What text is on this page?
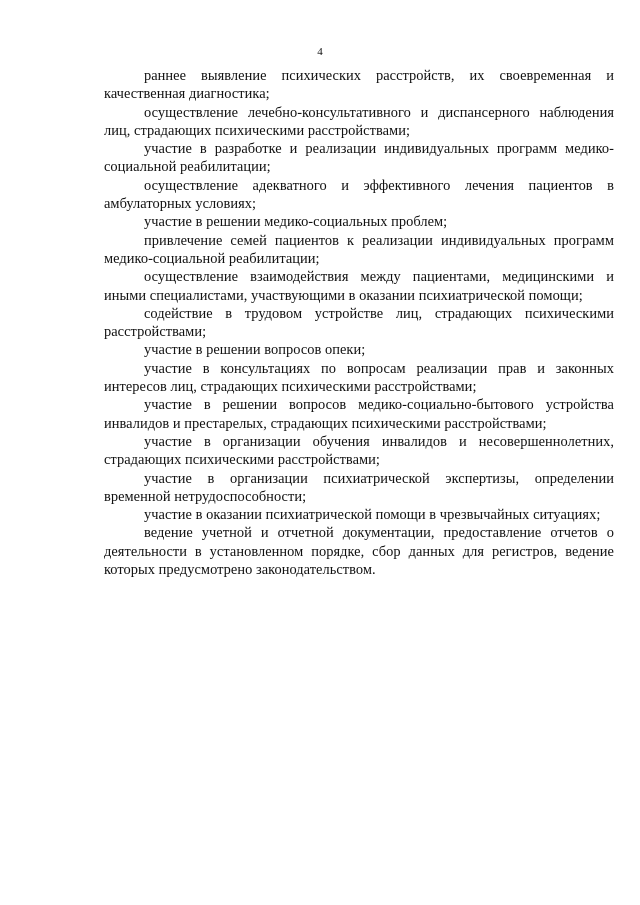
4

раннее выявление психических расстройств, их своевременная и качественная диагностика;

осуществление лечебно-консультативного и диспансерного наблюдения лиц, страдающих психическими расстройствами;

участие в разработке и реализации индивидуальных программ медико-социальной реабилитации;

осуществление адекватного и эффективного лечения пациентов в амбулаторных условиях;

участие в решении медико-социальных проблем;

привлечение семей пациентов к реализации индивидуальных программ медико-социальной реабилитации;

осуществление взаимодействия между пациентами, медицинскими и иными специалистами, участвующими в оказании психиатрической помощи;

содействие в трудовом устройстве лиц, страдающих психическими расстройствами;

участие в решении вопросов опеки;

участие в консультациях по вопросам реализации прав и законных интересов лиц, страдающих психическими расстройствами;

участие в решении вопросов медико-социально-бытового устройства инвалидов и престарелых, страдающих психическими расстройствами;

участие в организации обучения инвалидов и несовершеннолетних, страдающих психическими расстройствами;

участие в организации психиатрической экспертизы, определении временной нетрудоспособности;

участие в оказании психиатрической помощи в чрезвычайных ситуациях;

ведение учетной и отчетной документации, предоставление отчетов о деятельности в установленном порядке, сбор данных для регистров, ведение которых предусмотрено законодательством.
